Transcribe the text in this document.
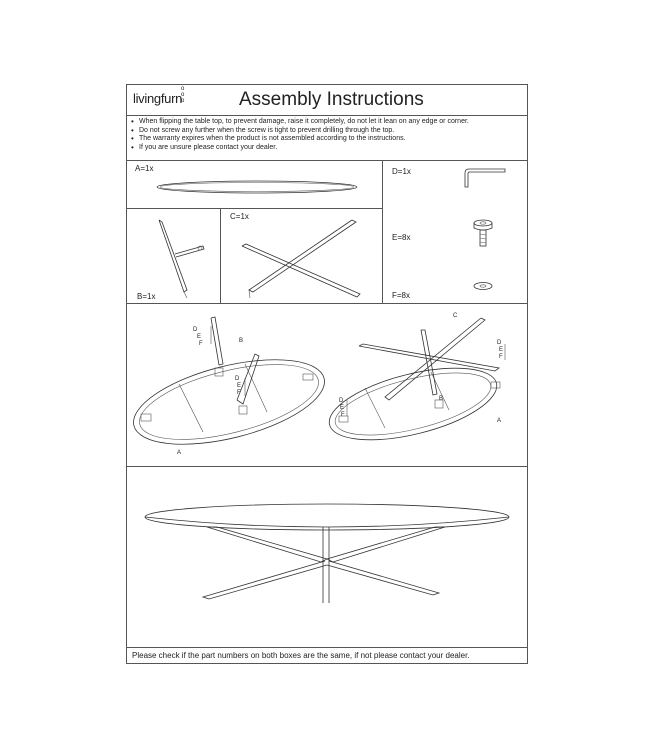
livingfurn
o o o	Assembly Instructions
• When flipping the table top, to prevent damage, raise it completely, do not let it lean on any edge or corner.
• Do not screw any further when the screw is tight to prevent drilling through the top.
• The warranty expires when the product is not assembled according to the instructions.
• If you are unsure please contact your dealer.
A=1x
B=1x
C=1x
D=1x
E=8x
F=8x
D
E
F	B
D
E
F
A
C
D
E
F
B
A
D
E
F
Please check if the part numbers on both boxes are the same, if not please contact your dealer.
